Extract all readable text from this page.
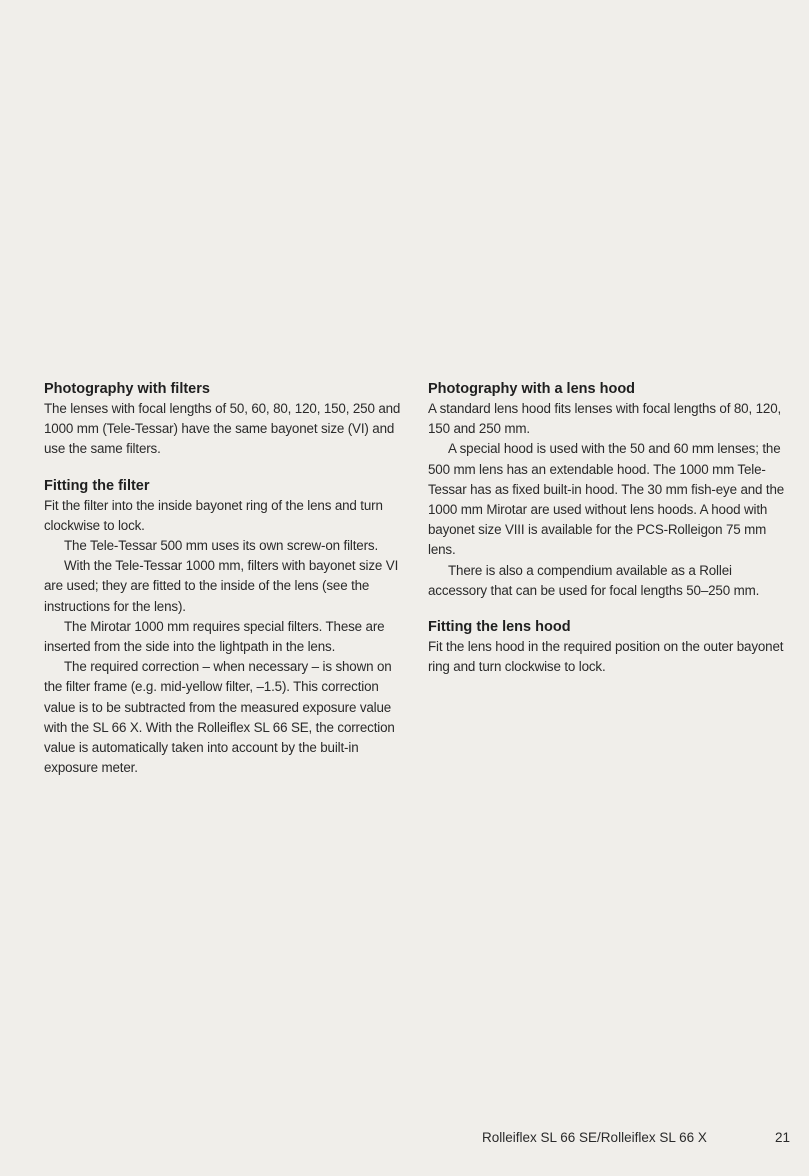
Photography with filters

The lenses with focal lengths of 50, 60, 80, 120, 150, 250 and 1000 mm (Tele-Tessar) have the same bayonet size (VI) and use the same filters.

Fitting the filter

Fit the filter into the inside bayonet ring of the lens and turn clockwise to lock.

The Tele-Tessar 500 mm uses its own screw-on filters.

With the Tele-Tessar 1000 mm, filters with bayonet size VI are used; they are fitted to the inside of the lens (see the instructions for the lens).

The Mirotar 1000 mm requires special filters. These are inserted from the side into the lightpath in the lens.

The required correction – when necessary – is shown on the filter frame (e.g. mid-yellow filter, –1.5). This correction value is to be subtracted from the measured exposure value with the SL 66 X. With the Rolleiflex SL 66 SE, the correction value is automatically taken into account by the built-in exposure meter.

Photography with a lens hood

A standard lens hood fits lenses with focal lengths of 80, 120, 150 and 250 mm.

A special hood is used with the 50 and 60 mm lenses; the 500 mm lens has an extendable hood. The 1000 mm Tele-Tessar has as fixed built-in hood. The 30 mm fish-eye and the 1000 mm Mirotar are used without lens hoods. A hood with bayonet size VIII is available for the PCS-Rolleigon 75 mm lens.

There is also a compendium available as a Rollei accessory that can be used for focal lengths 50–250 mm.

Fitting the lens hood

Fit the lens hood in the required position on the outer bayonet ring and turn clockwise to lock.

Rolleiflex SL 66 SE/Rolleiflex SL 66 X	21
